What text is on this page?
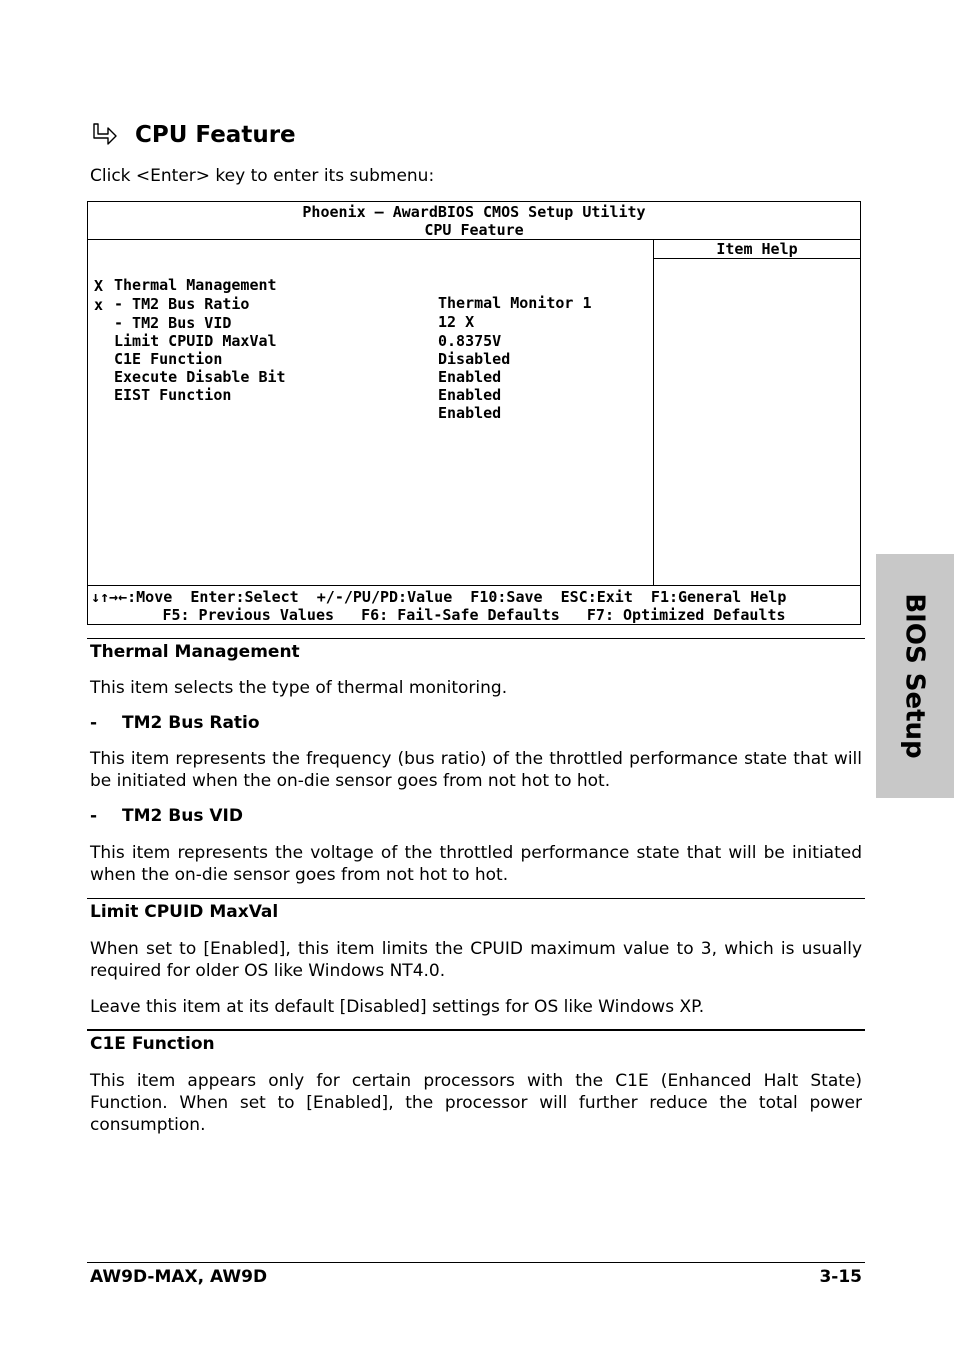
CPU Feature
Click <Enter> key to enter its submenu:
Phoenix – AwardBIOS CMOS Setup Utility
CPU Feature
Item Help

Thermal Management

Thermal Monitor 1

X

- TM2 Bus Ratio

12 X

x

- TM2 Bus VID

0.8375V

Limit CPUID MaxVal

Disabled

C1E Function

Enabled

Execute Disable Bit

Enabled

EIST Function

Enabled

↓↑→←:Move  Enter:Select  +/-/PU/PD:Value  F10:Save  ESC:Exit  F1:General Help
F5: Previous Values   F6: Fail-Safe Defaults   F7: Optimized Defaults
Thermal Management
This item selects the type of thermal monitoring.
- TM2 Bus Ratio
This item represents the frequency (bus ratio) of the throttled performance state that will be initiated when the on-die sensor goes from not hot to hot.
- TM2 Bus VID
This item represents the voltage of the throttled performance state that will be initiated when the on-die sensor goes from not hot to hot.
Limit CPUID MaxVal
When set to [Enabled], this item limits the CPUID maximum value to 3, which is usually required for older OS like Windows NT4.0.
Leave this item at its default [Disabled] settings for OS like Windows XP.
C1E Function
This item appears only for certain processors with the C1E (Enhanced Halt State) Function. When set to [Enabled], the processor will further reduce the total power consumption.
BIOS Setup
AW9D-MAX, AW9D	3-15
